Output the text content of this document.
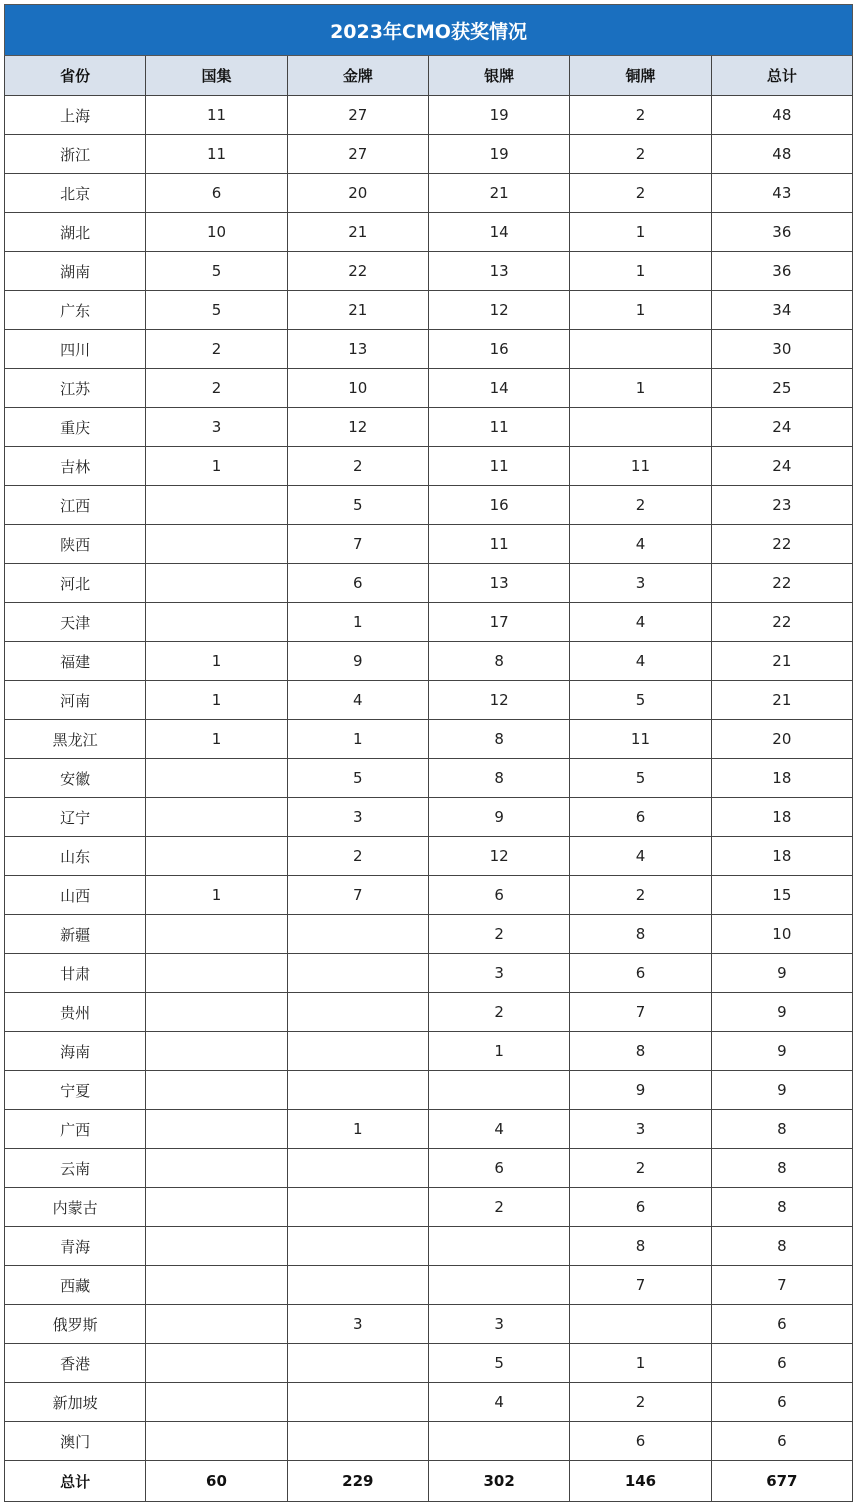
2023年CMO获奖情况					
省份	国集	金牌	银牌	铜牌	总计
上海	11	27	19	2	48
浙江	11	27	19	2	48
北京	6	20	21	2	43
湖北	10	21	14	1	36
湖南	5	22	13	1	36
广东	5	21	12	1	34
四川	2	13	16		30
江苏	2	10	14	1	25
重庆	3	12	11		24
吉林	1	2	11	11	24
江西		5	16	2	23
陕西		7	11	4	22
河北		6	13	3	22
天津		1	17	4	22
福建	1	9	8	4	21
河南	1	4	12	5	21
黑龙江	1	1	8	11	20
安徽		5	8	5	18
辽宁		3	9	6	18
山东		2	12	4	18
山西	1	7	6	2	15
新疆			2	8	10
甘肃			3	6	9
贵州			2	7	9
海南			1	8	9
宁夏				9	9
广西		1	4	3	8
云南			6	2	8
内蒙古			2	6	8
青海				8	8
西藏				7	7
俄罗斯		3	3		6
香港			5	1	6
新加坡			4	2	6
澳门				6	6
总计	60	229	302	146	677
